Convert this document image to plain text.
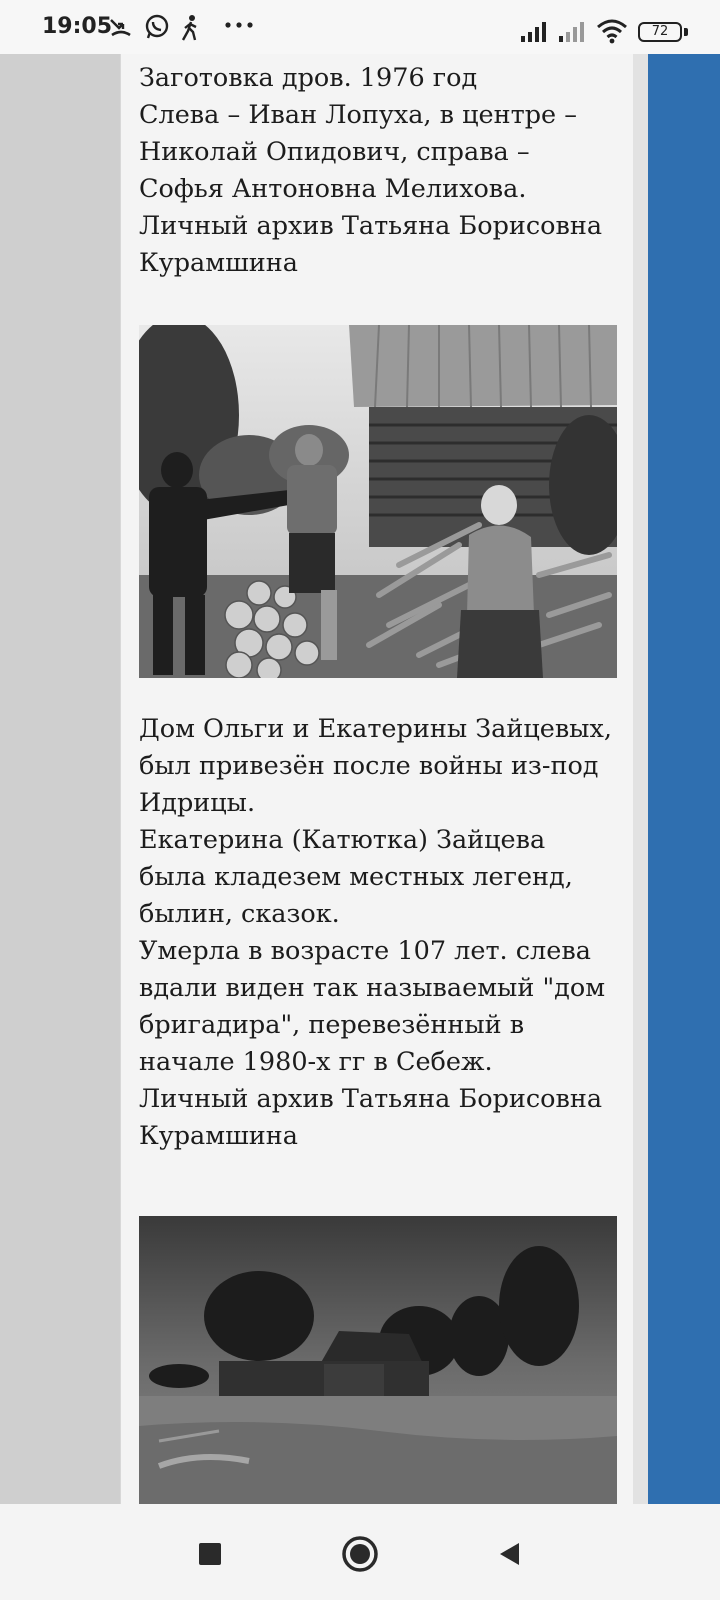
19:05	72

Заготовка дров. 1976 год

Слева – Иван Лопуха, в центре – Николай Опидович, справа – Софья Антоновна Мелихова.

Личный архив Татьяна Борисовна Курамшина

Дом Ольги и Екатерины Зайцевых, был привезён после войны из-под Идрицы.

Екатерина (Катютка) Зайцева была кладезем местных легенд, былин, сказок.

Умерла в возрасте 107 лет. слева вдали виден так называемый "дом бригадира", перевезённый в начале 1980-х гг в Себеж.

Личный архив Татьяна Борисовна Курамшина
